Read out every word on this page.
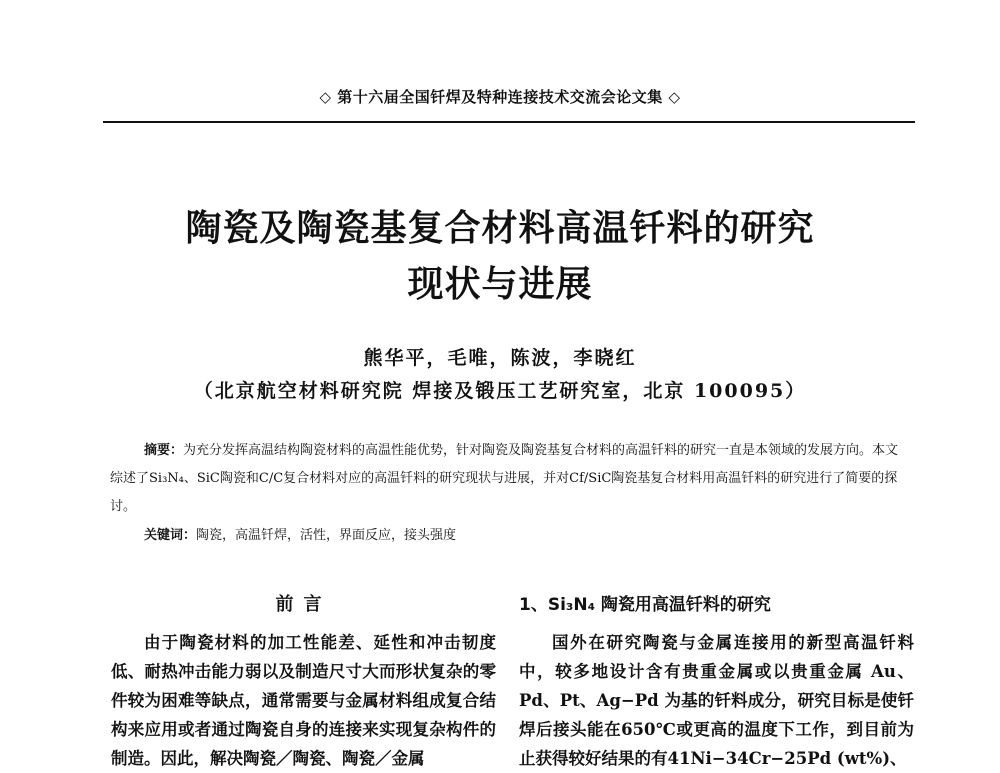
◇ 第十六届全国钎焊及特种连接技术交流会论文集 ◇
陶瓷及陶瓷基复合材料高温钎料的研究
现状与进展
熊华平，毛唯，陈波，李晓红
（北京航空材料研究院 焊接及锻压工艺研究室，北京 100095）
摘要：为充分发挥高温结构陶瓷材料的高温性能优势，针对陶瓷及陶瓷基复合材料的高温钎料的研究一直是本领域的发展方向。本文综述了Si₃N₄、SiC陶瓷和C/C复合材料对应的高温钎料的研究现状与进展，并对Cf/SiC陶瓷基复合材料用高温钎料的研究进行了简要的探讨。
关键词：陶瓷，高温钎焊，活性，界面反应，接头强度
前言
由于陶瓷材料的加工性能差、延性和冲击韧度低、耐热冲击能力弱以及制造尺寸大而形状复杂的零件较为困难等缺点，通常需要与金属材料组成复合结构来应用或者通过陶瓷自身的连接来实现复杂构件的制造。因此，解决陶瓷／陶瓷、陶瓷／金属
1、Si₃N₄ 陶瓷用高温钎料的研究
国外在研究陶瓷与金属连接用的新型高温钎料中，较多地设计含有贵重金属或以贵重金属 Au、Pd、Pt、Ag−Pd 为基的钎料成分，研究目标是使钎焊后接头能在650℃或更高的温度下工作，到目前为止获得较好结果的有41Ni−34Cr−25Pd (wt%)、
